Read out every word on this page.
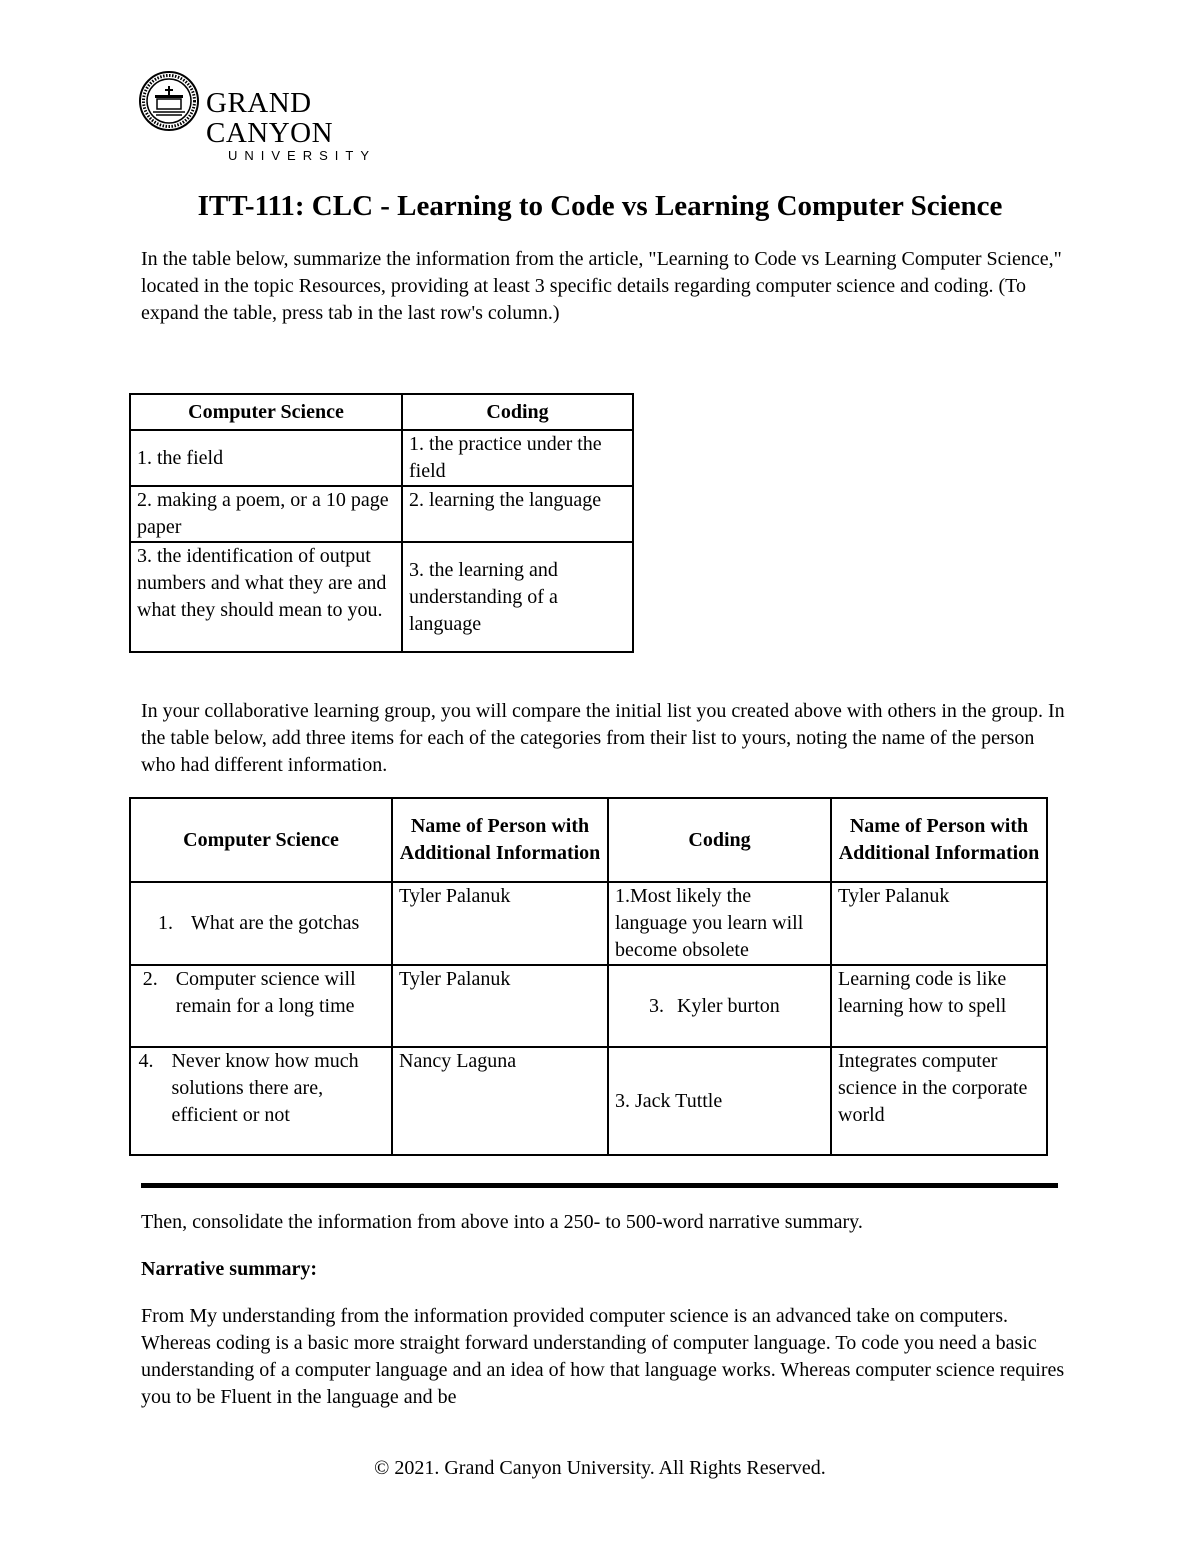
GRAND CANYON
UNIVERSITY
ITT-111: CLC - Learning to Code vs Learning Computer Science

In the table below, summarize the information from the article, "Learning to Code vs Learning Computer Science," located in the topic Resources, providing at least 3 specific details regarding computer science and coding. (To expand the table, press tab in the last row's column.)

Computer Science	Coding
1. the field	1. the practice under the field
2. making a poem, or a 10 page paper	2. learning the language
3. the identification of output numbers and what they are and what they should mean to you.	3. the learning and understanding of a language

In your collaborative learning group, you will compare the initial list you created above with others in the group. In the table below, add three items for each of the categories from their list to yours, noting the name of the person who had different information.

Computer Science	Name of Person with Additional Information	Coding	Name of Person with Additional Information

1. What are the gotchas	Tyler Palanuk	1.Most likely the language you learn will become obsolete	Tyler Palanuk

2. Computer science will remain for a long time	Tyler Palanuk	3. Kyler burton	Learning code is like learning how to spell

4. Never know how much solutions there are, efficient or not	Nancy Laguna	3. Jack Tuttle	Integrates computer science in the corporate world

Then, consolidate the information from above into a 250- to 500-word narrative summary.

Narrative summary:

From My understanding from the information provided computer science is an advanced take on computers. Whereas coding is a basic more straight forward understanding of computer language. To code you need a basic understanding of a computer language and an idea of how that language works. Whereas computer science requires you to be Fluent in the language and be

© 2021. Grand Canyon University. All Rights Reserved.
